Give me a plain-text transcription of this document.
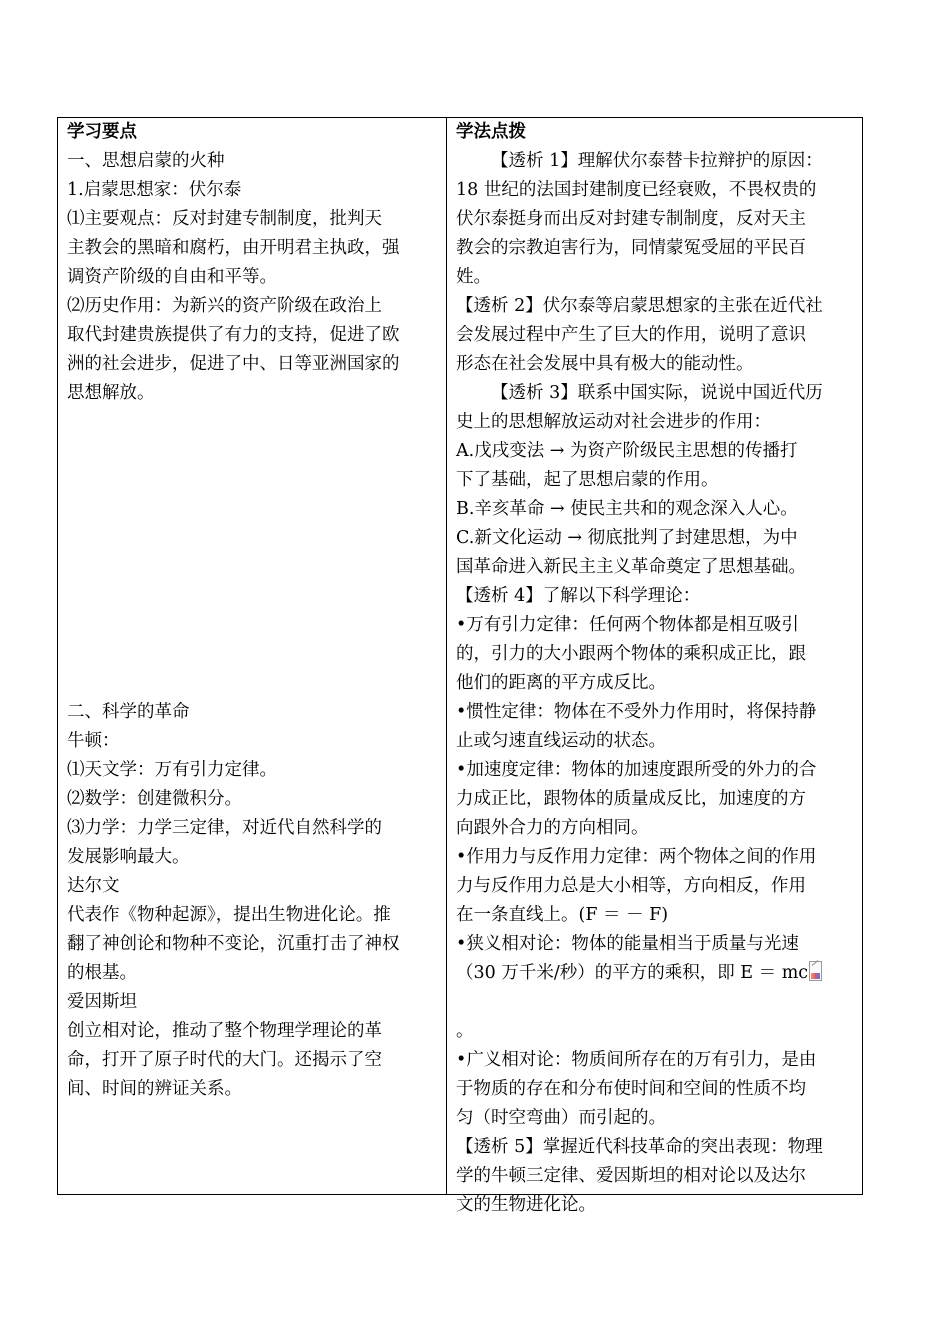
学习要点

一、思想启蒙的火种

1.启蒙思想家：伏尔泰

⑴主要观点：反对封建专制制度，批判天

主教会的黑暗和腐朽，由开明君主执政，强

调资产阶级的自由和平等。

⑵历史作用：为新兴的资产阶级在政治上

取代封建贵族提供了有力的支持，促进了欧

洲的社会进步，促进了中、日等亚洲国家的

思想解放。

二、科学的革命

牛顿：

⑴天文学：万有引力定律。

⑵数学：创建微积分。

⑶力学：力学三定律，对近代自然科学的

发展影响最大。

达尔文

代表作《物种起源》，提出生物进化论。推

翻了神创论和物种不变论，沉重打击了神权

的根基。

爱因斯坦

创立相对论，推动了整个物理学理论的革

命，打开了原子时代的大门。还揭示了空

间、时间的辨证关系。

学法点拨

【透析 1】理解伏尔泰替卡拉辩护的原因：

18 世纪的法国封建制度已经衰败，不畏权贵的

伏尔泰挺身而出反对封建专制制度，反对天主

教会的宗教迫害行为，同情蒙冤受屈的平民百

姓。

【透析 2】伏尔泰等启蒙思想家的主张在近代社

会发展过程中产生了巨大的作用，说明了意识

形态在社会发展中具有极大的能动性。

【透析 3】联系中国实际，说说中国近代历

史上的思想解放运动对社会进步的作用：

A.戊戌变法 → 为资产阶级民主思想的传播打

下了基础，起了思想启蒙的作用。

B.辛亥革命 → 使民主共和的观念深入人心。

C.新文化运动 → 彻底批判了封建思想，为中

国革命进入新民主主义革命奠定了思想基础。

【透析 4】了解以下科学理论：

•万有引力定律：任何两个物体都是相互吸引

的，引力的大小跟两个物体的乘积成正比，跟

他们的距离的平方成反比。

•惯性定律：物体在不受外力作用时，将保持静

止或匀速直线运动的状态。

•加速度定律：物体的加速度跟所受的外力的合

力成正比，跟物体的质量成反比，加速度的方

向跟外合力的方向相同。

•作用力与反作用力定律：两个物体之间的作用

力与反作用力总是大小相等，方向相反，作用

在一条直线上。(F ＝ － F)

•狭义相对论：物体的能量相当于质量与光速

（30 万千米/秒）的平方的乘积，即 E ＝ mc

。

•广义相对论：物质间所存在的万有引力，是由

于物质的存在和分布使时间和空间的性质不均

匀（时空弯曲）而引起的。

【透析 5】掌握近代科技革命的突出表现：物理

学的牛顿三定律、爱因斯坦的相对论以及达尔

文的生物进化论。
